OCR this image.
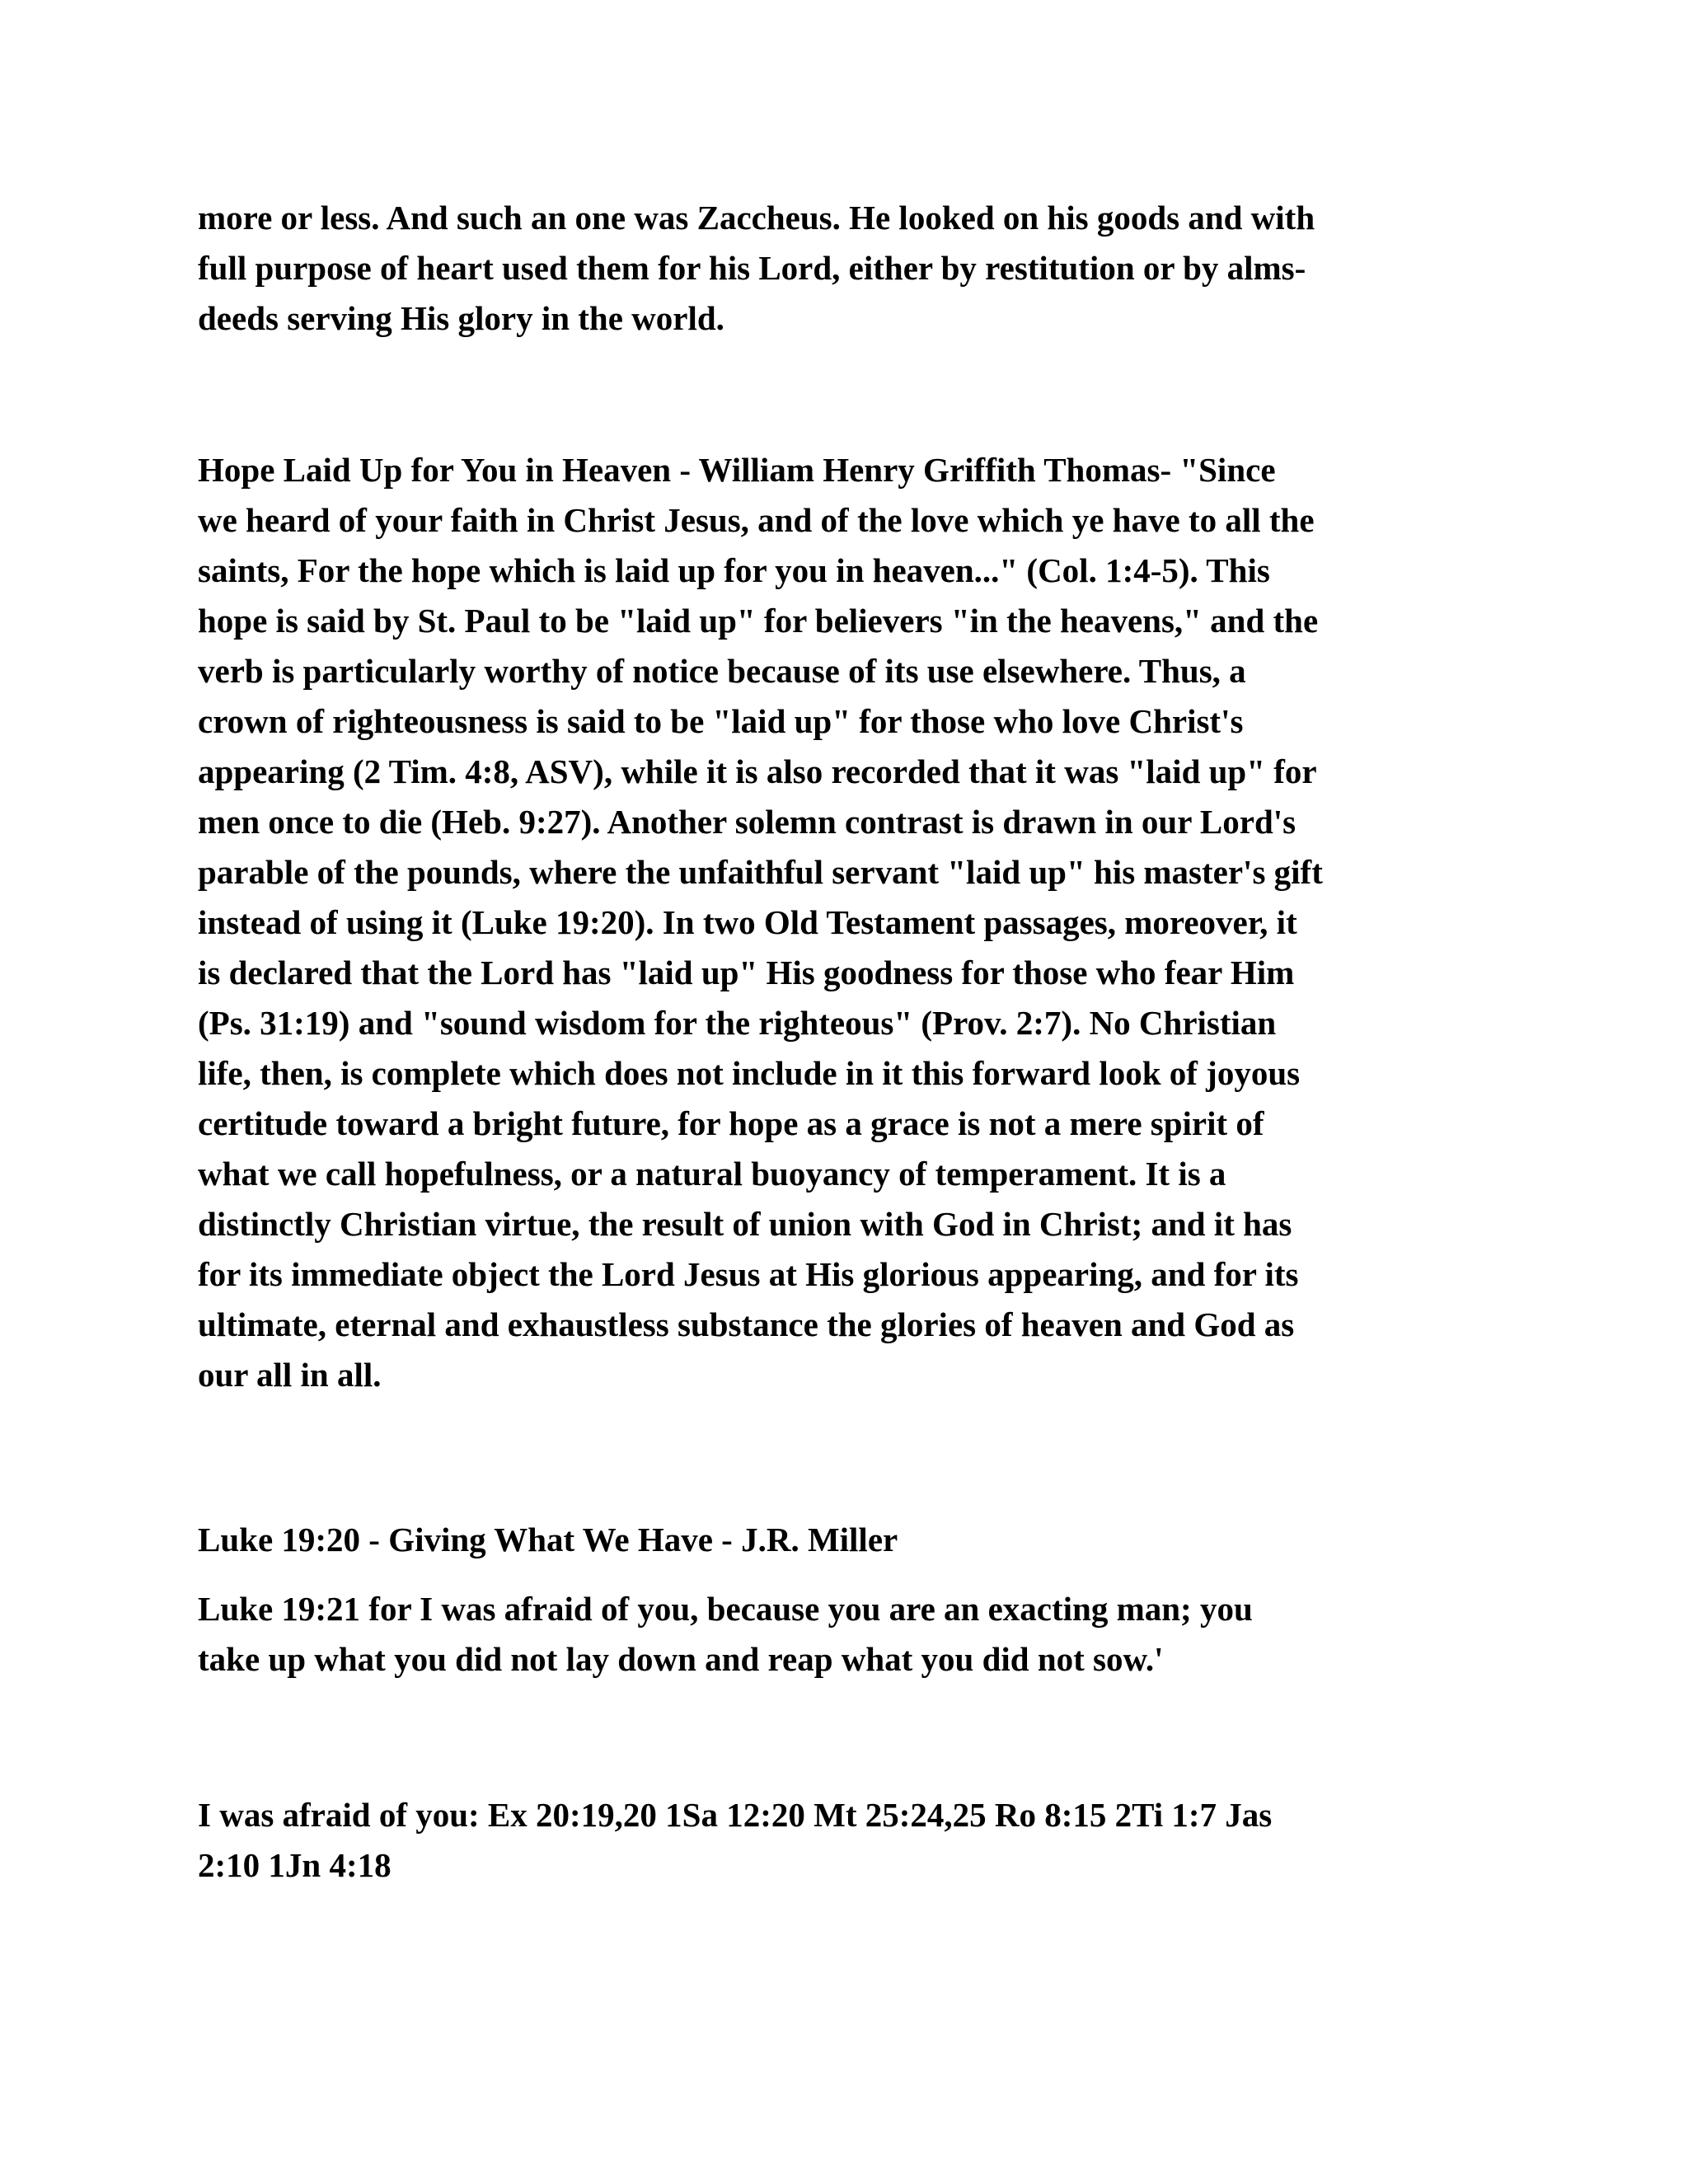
more or less. And such an one was Zaccheus. He looked on his goods and with
full purpose of heart used them for his Lord, either by restitution or by alms-
deeds serving His glory in the world.

Hope Laid Up for You in Heaven - William Henry Griffith Thomas- "Since
we heard of your faith in Christ Jesus, and of the love which ye have to all the
saints, For the hope which is laid up for you in heaven..." (Col. 1:4-5). This
hope is said by St. Paul to be "laid up" for believers "in the heavens," and the
verb is particularly worthy of notice because of its use elsewhere. Thus, a
crown of righteousness is said to be "laid up" for those who love Christ's
appearing (2 Tim. 4:8, ASV), while it is also recorded that it was "laid up" for
men once to die (Heb. 9:27). Another solemn contrast is drawn in our Lord's
parable of the pounds, where the unfaithful servant "laid up" his master's gift
instead of using it (Luke 19:20). In two Old Testament passages, moreover, it
is declared that the Lord has "laid up" His goodness for those who fear Him
(Ps. 31:19) and "sound wisdom for the righteous" (Prov. 2:7). No Christian
life, then, is complete which does not include in it this forward look of joyous
certitude toward a bright future, for hope as a grace is not a mere spirit of
what we call hopefulness, or a natural buoyancy of temperament. It is a
distinctly Christian virtue, the result of union with God in Christ; and it has
for its immediate object the Lord Jesus at His glorious appearing, and for its
ultimate, eternal and exhaustless substance the glories of heaven and God as
our all in all.

Luke 19:20 - Giving What We Have - J.R. Miller

Luke 19:21 for I was afraid of you, because you are an exacting man; you
take up what you did not lay down and reap what you did not sow.'

I was afraid of you: Ex 20:19,20 1Sa 12:20 Mt 25:24,25 Ro 8:15 2Ti 1:7 Jas
2:10 1Jn 4:18
